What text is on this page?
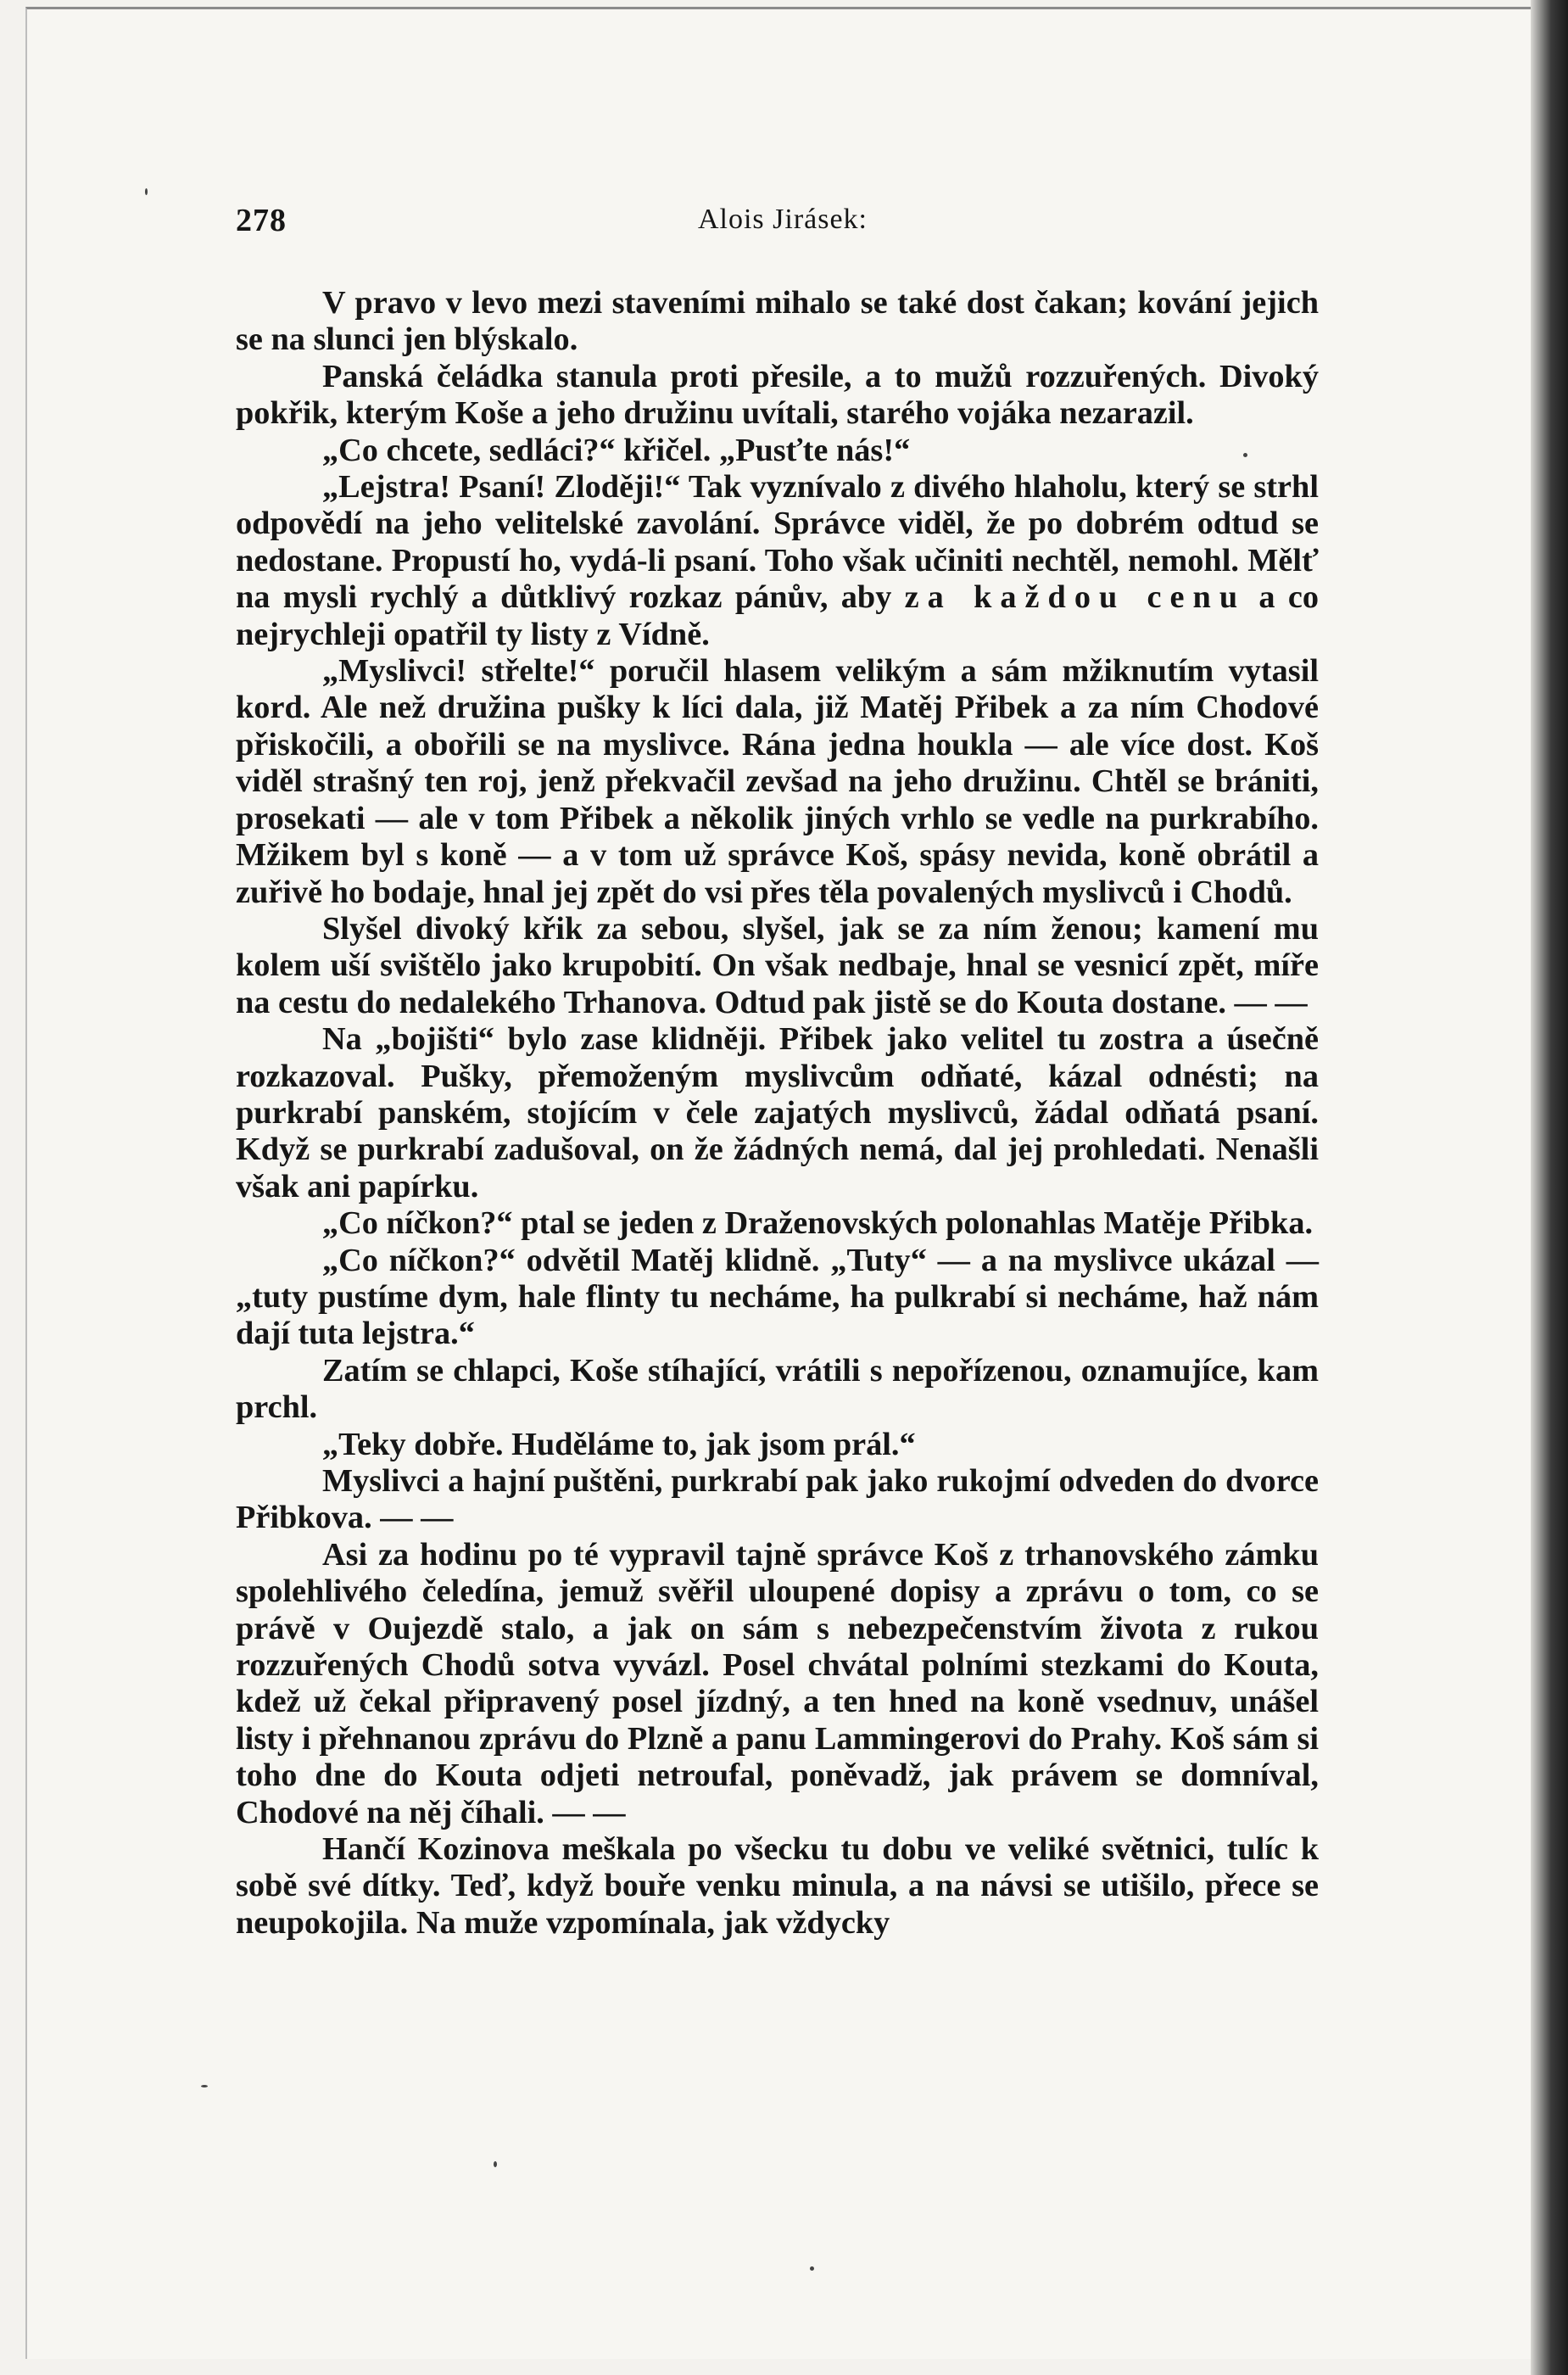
278	Alois Jirásek:

V pravo v levo mezi staveními mihalo se také dost čakan; kování jejich se na slunci jen blýskalo.

Panská čeládka stanula proti přesile, a to mužů rozzuřených. Divoký pokřik, kterým Koše a jeho družinu uvítali, starého vojáka nezarazil.

„Co chcete, sedláci?“ křičel. „Pusťte nás!“

„Lejstra! Psaní! Zloději!“ Tak vyznívalo z divého hlaholu, který se strhl odpovědí na jeho velitelské zavolání. Správce viděl, že po dobrém odtud se nedostane. Propustí ho, vydá-li psaní. Toho však učiniti nechtěl, nemohl. Mělť na mysli rychlý a důtklivý rozkaz pánův, aby za každou cenu a co nejrychleji opatřil ty listy z Vídně.

„Myslivci! střelte!“ poručil hlasem velikým a sám mžiknutím vytasil kord. Ale než družina pušky k líci dala, již Matěj Přibek a za ním Chodové přiskočili, a obořili se na myslivce. Rána jedna houkla — ale více dost. Koš viděl strašný ten roj, jenž překvačil zevšad na jeho družinu. Chtěl se brániti, prosekati — ale v tom Přibek a několik jiných vrhlo se vedle na purkrabího. Mžikem byl s koně — a v tom už správce Koš, spásy nevida, koně obrátil a zuřivě ho bodaje, hnal jej zpět do vsi přes těla povalených myslivců i Chodů.

Slyšel divoký křik za sebou, slyšel, jak se za ním ženou; kamení mu kolem uší svištělo jako krupobití. On však nedbaje, hnal se vesnicí zpět, míře na cestu do nedalekého Trhanova. Odtud pak jistě se do Kouta dostane. — —

Na „bojišti“ bylo zase klidněji. Přibek jako velitel tu zostra a úsečně rozkazoval. Pušky, přemoženým myslivcům odňaté, kázal odnésti; na purkrabí panském, stojícím v čele zajatých myslivců, žádal odňatá psaní. Když se purkrabí zadušoval, on že žádných nemá, dal jej prohledati. Nenašli však ani papírku.

„Co níčkon?“ ptal se jeden z Draženovských polonahlas Matěje Přibka.

„Co níčkon?“ odvětil Matěj klidně. „Tuty“ — a na myslivce ukázal — „tuty pustíme dym, hale flinty tu necháme, ha pulkrabí si necháme, haž nám dají tuta lejstra.“

Zatím se chlapci, Koše stíhající, vrátili s nepořízenou, oznamujíce, kam prchl.

„Teky dobře. Huděláme to, jak jsom prál.“

Myslivci a hajní puštěni, purkrabí pak jako rukojmí odveden do dvorce Přibkova. — —

Asi za hodinu po té vypravil tajně správce Koš z trhanovského zámku spolehlivého čeledína, jemuž svěřil uloupené dopisy a zprávu o tom, co se právě v Oujezdě stalo, a jak on sám s nebezpečenstvím života z rukou rozzuřených Chodů sotva vyvázl. Posel chvátal polními stezkami do Kouta, kdež už čekal připravený posel jízdný, a ten hned na koně vsednuv, unášel listy i přehnanou zprávu do Plzně a panu Lammingerovi do Prahy. Koš sám si toho dne do Kouta odjeti netroufal, poněvadž, jak právem se domníval, Chodové na něj číhali. — —

Hančí Kozinova meškala po všecku tu dobu ve veliké světnici, tulíc k sobě své dítky. Teď, když bouře venku minula, a na návsi se utišilo, přece se neupokojila. Na muže vzpomínala, jak vždycky
